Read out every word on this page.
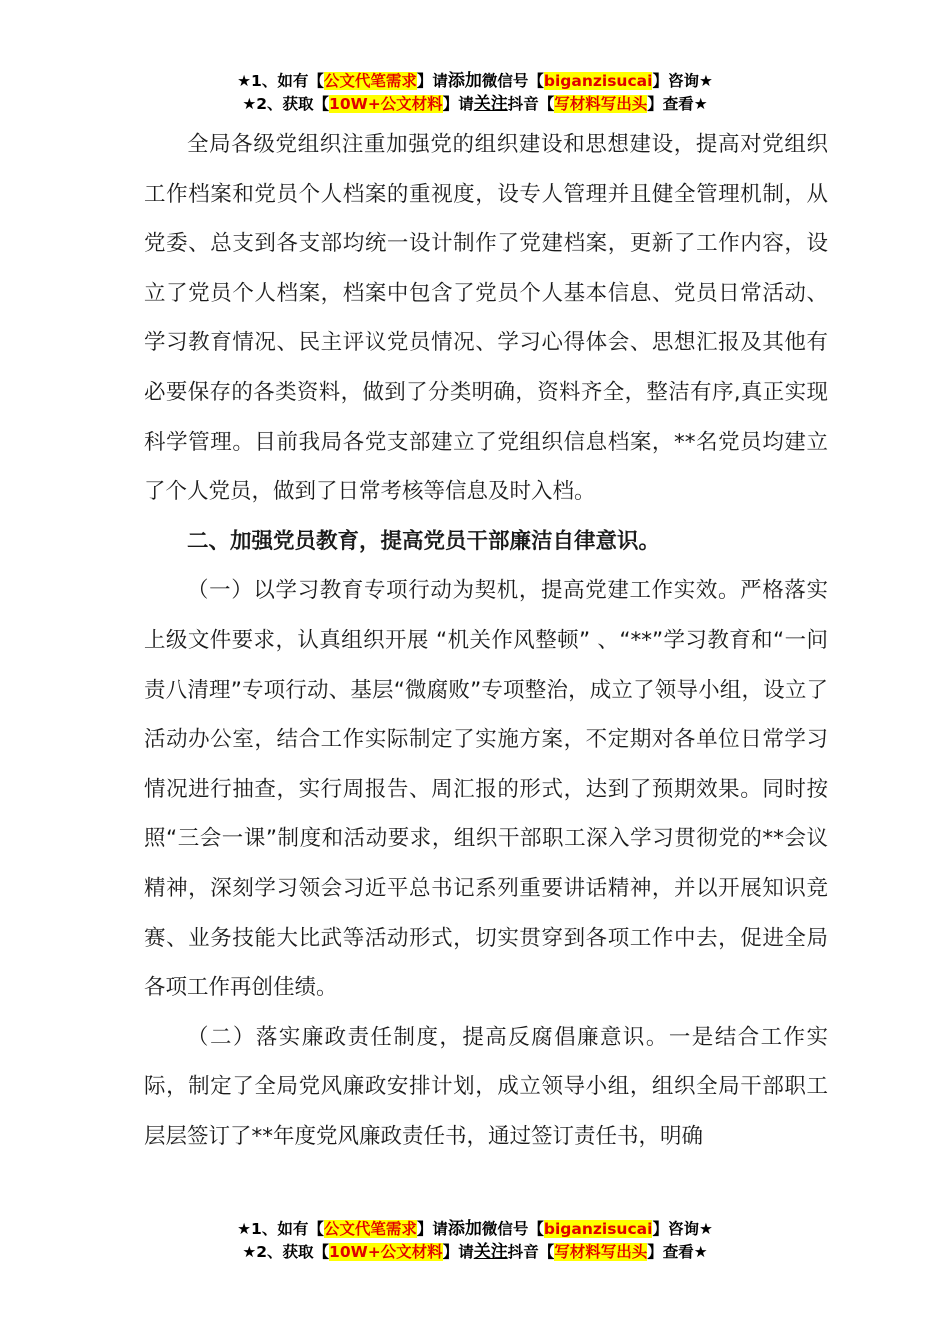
★1、如有【公文代笔需求】请添加微信号【biganzisucai】咨询★
★2、获取【10W+公文材料】请关注抖音【写材料写出头】查看★

全局各级党组织注重加强党的组织建设和思想建设，提高对党组织工作档案和党员个人档案的重视度，设专人管理并且健全管理机制，从党委、总支到各支部均统一设计制作了党建档案，更新了工作内容，设立了党员个人档案，档案中包含了党员个人基本信息、党员日常活动、学习教育情况、民主评议党员情况、学习心得体会、思想汇报及其他有必要保存的各类资料，做到了分类明确，资料齐全，整洁有序,真正实现科学管理。目前我局各党支部建立了党组织信息档案，**名党员均建立了个人党员，做到了日常考核等信息及时入档。

二、加强党员教育，提高党员干部廉洁自律意识。

（一）以学习教育专项行动为契机，提高党建工作实效。严格落实上级文件要求，认真组织开展 “机关作风整顿” 、“**”学习教育和“一问责八清理”专项行动、基层“微腐败”专项整治，成立了领导小组，设立了活动办公室，结合工作实际制定了实施方案，不定期对各单位日常学习情况进行抽查，实行周报告、周汇报的形式，达到了预期效果。同时按照“三会一课”制度和活动要求，组织干部职工深入学习贯彻党的**会议精神，深刻学习领会习近平总书记系列重要讲话精神，并以开展知识竞赛、业务技能大比武等活动形式，切实贯穿到各项工作中去，促进全局各项工作再创佳绩。

（二）落实廉政责任制度，提高反腐倡廉意识。一是结合工作实际，制定了全局党风廉政安排计划，成立领导小组，组织全局干部职工层层签订了**年度党风廉政责任书，通过签订责任书，明确

★1、如有【公文代笔需求】请添加微信号【biganzisucai】咨询★
★2、获取【10W+公文材料】请关注抖音【写材料写出头】查看★
